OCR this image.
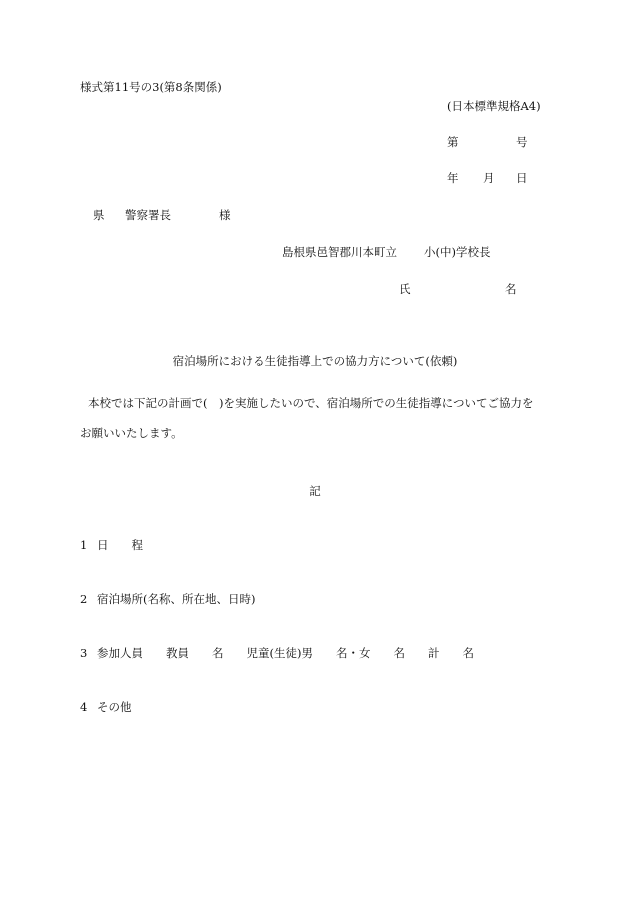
様式第11号の3(第8条関係)
(日本標準規格A4)
第	号
年 月 日
県 警察署長	様
島根県邑智郡川本町立 小(中)学校長
氏	名
宿泊場所における生徒指導上での協力方について(依頼)
本校では下記の計画で(　)を実施したいので、宿泊場所での生徒指導についてご協力を
お願いいたします。
記
1 日　　程
2 宿泊場所(名称、所在地、日時)
3 参加人員　　教員　　名　　児童(生徒)男　　名・女　　名　　計　　名
4 その他
